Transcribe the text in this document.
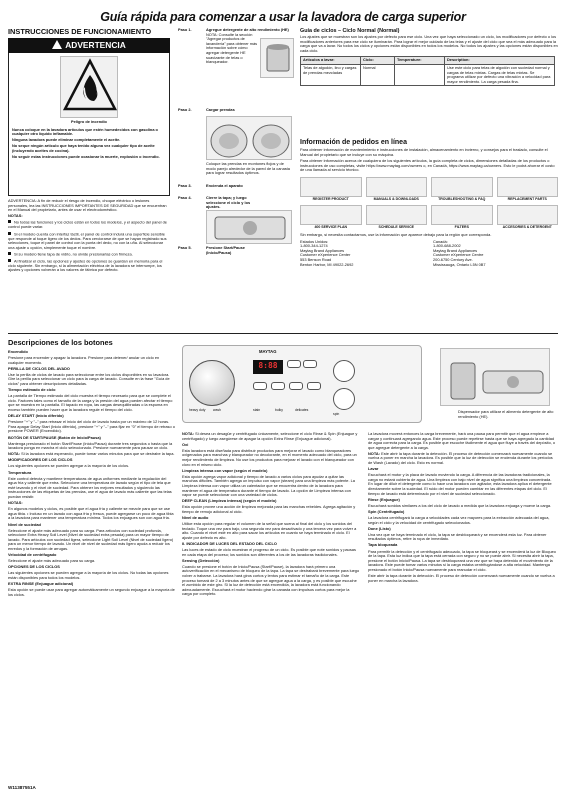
Guía rápida para comenzar a usar la lavadora de carga superior
INSTRUCCIONES DE FUNCIONAMIENTO
ADVERTENCIA
Peligro de incendio

Nunca coloque en la lavadora artículos que estén humedecidos con gasolina o cualquier otro líquido inflamable.

Ninguna lavadora puede eliminar completamente el aceite.

No seque ningún artículo que haya tenido alguna vez cualquier tipo de aceite (incluyendo aceites de cocina).

No seguir estas instrucciones puede ocasionar la muerte, explosión o incendio.

ADVERTENCIA: A fin de reducir el riesgo de incendio, choque eléctrico o lesiones personales, lea las INSTRUCCIONES IMPORTANTES DE SEGURIDAD que se encuentran en el Manual del propietario, antes de usar el electrodoméstico.

NOTAS:

No todas las funciones y los ciclos están en todos los modelos, y el aspecto del panel de control puede variar.

Si el modelo cuenta con interfaz táctil, el panel de control indurá una superficie sensible que responde al toque ligero de los dedos. Para cerciorarse de que se hayan registrado sus selecciones, toque el panel de control con la punta del dedo, no con la uña. Al seleccionar una ajuste u opción, simplemente toque el nombre.

Si su modelo tiene tapa de vidrio, no olvide presionarlas con firmeza.

Al finalizar el ciclo, las opciones y ajustes de opciones se guardan en memoria para el ciclo siguiente. Sin embargo, si la alimentación eléctrica de la lavadora se interrumpe, los ajustes y opciones volverán a los valores de fábrica por defecto.

Paso 1.	Agregue detergente de alto rendimiento (HE)
NOTA: Consulte la sección "Agregar productos de lavandería" para obtener más información sobre cómo agregar detergente HE suavizante de telas o blanqueador.
Paso 2.	Cargar prendas
Coloque las prendas en montones flojos y de modo parejo alrededor de la pared de la canasta para lograr resultados óptimos.
Paso 3.	Encienda el aparato
Paso 4.	Cierre la tapa; y luego seleccione el ciclo y los ajustes.
Paso 5.	Presione Start/Pause (Inicio/Pausa)
Guía de ciclos – Ciclo Normal (Normal)

Los ajustes que se muestran son los ajustes por defecto para ese ciclo. Una vez que haya seleccionado un ciclo, los modificadores por defecto o los modificadores anteriores para ese ciclo se iluminarán. Para lograr el mejor cuidado de las telas y el ajuste del ciclo que sea el más adecuado para la carga que va a lavar. No todos los ciclos y opciones están disponibles en todos los modelos. No todos los ajustes y las opciones están disponibles en cada ciclo.

Artículos a lavar:	Ciclo:	Temperature:	Description:
Telas de algodón, lino y cargas de prendas mezcladas	Normal		Use este ciclo para telas de algodón con suciedad normal y cargas de telas mixtas. Cargas de telas mixtas. Se programa utilizar por defecto una vibración a velocidad para mayor rendimiento. La carga pesada fina.
Información de pedidos en línea

Para obtener información de mantenimiento e instrucciones de instalación, almacenamiento en invierno, y consejos para el traslado, consulte el Manual del propietario que se incluye con su máquina.

Para obtener información acerca de cualquiera de los siguientes artículos, la guía completa de ciclos, dimensiones detalladas de los productos o instrucciones de uso completas, visite https://www.maytag.com/owners o, en Canadá, https://www.maytag.ca/owners. Esto le podrá ahorrar el costo de una llamada al servicio técnico.

REGISTER PRODUCT	MANUALS & DOWNLOADS	TROUBLESHOOTING & FAQ	REPLACEMENT PARTS
400 SERVICE PLAN	SCHEDULE SERVICE	FILTERS	ACCESORIES & DETERGENT

Sin embargo, si necesita contactarnos, use la información que aparece debajo para la región que corresponda.

Estados Unidos:
1-800-344-1274
Maytag Brand Appliances
Customer eXperience Center
553 Benson Road
Benton Harbor, MI 49022-2692
Canadá:
1-800-688-2002
Maytag Brand Appliances
Customer eXperience Centre
200-6750 Century Ave.
Mississauga, Ontario L5N 0B7
Descripciones de los botones
MAYTAG
8:88
heavy duty wash	stain	bulky	delicates
spin	Dispensador para utilizar el alimento detergente de alto rendimiento (HE).

Encendido

Presione para encender y apagar la lavadora. Presione para detener/ anular un ciclo en cualquier momento.

PERILLA DE CICLOS DEL AVADO

Use la perilla de ciclos de lavado para seleccionar entre los ciclos disponibles en su lavadora. Gire la perilla para seleccionar un ciclo para la carga de lavado. Consulte en la frase "Guía de ciclos" para obtener descripciones detalladas.

Tiempo estimado de ciclo

La pantalla de Tiempo estimado del ciclo muestra el tiempo necesario para que se complete el ciclo. Factores tales como el tamaño de la carga y la presión del agua pueden afectar el tiempo que se muestra en la pantalla. El tapado en ropa, las cargas desequilibradas o la espuma en exceso también pueden hacer que la lavadora regule el tiempo del ciclo.

DELAY START (Inicio diferido)

Presione "+" y "–" para retrasar el inicio del ciclo de lavado hasta por un máximo de 12 horas. Para apagar Delay Start (Inicio diferido), presione "+" y "–" para fijar en "0" el tiempo de retraso o presione POWER (Encendido).

BOTÓN DE START/PAUSE (Botón de Inicio/Pausa)

Mantenga presionado el botón Start/Pause (Inicio/Pausa) durante tres segundos o hasta que la lavadora ponga en marcha el ciclo seleccionado. Presione nuevamente para pausar un ciclo.

NOTA: Si la lavadora está esperando, puede tomar varios minutos para que se destrabe la tapa.

MODIFICADORES DE LOS CICLOS

Los siguientes opciones se pueden agregar a la mayoría de los ciclos.

Temperatura

Este control detecta y mantiene temperaturas de agua uniformes mediante la regulación del agua fría y caliente que entra. Seleccione una temperatura de lavado según el tipo de tela que esté lavando y el nivel de suciedad. Para obtener los mejores resultados y siguiendo las instrucciones de las etiquetas de las prendas, use el agua de lavado más caliente que las telas puedan resistir.

NOTAS:

En algunos modelos y ciclos, es posible que el agua fría y caliente se mezcle para que se use agua tibia. • Incluso en un lavado con agua fría y fresca, puede agregarse un poco de agua tibia a la lavadora para mantener una temperatura mínima. Todos los enjuagues son con agua fría.

Nivel de suciedad

Seleccione el ajuste más adecuado para su carga. Para artículos con suciedad profunda, seleccione Extra Heavy Soil Level (Nivel de suciedad extra pesada) para un mayor tiempo de lavado. Para artículos con suciedad ligera, seleccione Light Soil Level (Nivel de suciedad ligero) para un menor tiempo de lavado. Un nivel de nivel de suciedad más ligero ayuda a reducir los enredos y la formación de arrugas.

Velocidad de centrifugado

Seleccione el ajuste más adecuado para su carga.

OPCIONES DE LOS CICLOS

Las siguientes opciones se pueden agregar a la mayoría de los ciclos. No todas las opciones están disponibles para todos los modelos.

EXTRA RINSE (Enjuague adicional)

Esta opción se puede usar para agregar automáticamente un segundo enjuague a la mayoría de los ciclos.

NOTA: Si desea un desagüe y centrifugado únicamente, seleccione el ciclo Rinse & Spin (Enjuague y centrifugado) y luego asegúrese de apagar la opción Extra Rinse (Enjuague adicional).

Oxi

Esta lavadora está diseñada para distribuir productos para mejorar el lavado como blanqueadores oxigenados para manchas y blanqueador no decolorante, en el momento adecuado del ciclo, para un mejor rendimiento de limpieza. No use los productos para mejorar el lavado con el blanqueador con cloro en el mismo ciclo.

Limpieza intensa con vapor (según el modelo)

Esta opción agrega vapor adicional y tiempo de lavado a varios ciclos para ayudar a quitar las manchas difíciles. También agrega un impulso con vapor (steam) para una limpieza más potente. La Limpieza intensa con vapor utiliza un calentador que se encuentra dentro de la lavadora para mantener el agua de temperatura durante el tiempo de lavado. La opción de Limpieza intensa con vapor se puede seleccionar con una variedad de ciclos.

DEEP CLEAN (Limpieza intensa) (según el modelo)

Esta opción provee una acción de limpieza mejorada para las manchas rebeldes. Agrega agitación y tiempo de remojo adicional al ciclo.

Nivel de audio

Utilice esta opción para regular el volumen de la señal que suena al final del ciclo y los sonidos del teclado. Toque una vez para bajo, una segunda vez para desactivado y una tercera vez para volver a alto. Cuando el nivel esté en alto para sacar los artículos en cuanto se haya terminado el ciclo. El ajuste por defecto es alto.

II. INDICADOR DE LUCES DEL ESTADO DEL CICLO

Las luces de estado de ciclo muestran el progreso de un ciclo. Es posible que note sonidos y pausas en cada etapa del proceso; los sonidos son diferentes a los de las lavadoras tradicionales.

Sensing (Detección)

Cuando se presione el botón de Inicio/Pausa (Start/Pause), la lavadora hará primero una autoverificación en el mecanismo de bloqueo de la tapa. La tapa se destrabará brevemente para luego volver a trabarse. La lavadora hará giros cortos y lentos para estimar el tamaño de la carga. Este proceso tomará de 2 a 3 minutos antes de que se agregue agua a la carga, y es posible que escuche el zumbido de este giro. Si la luz de detección está encendida, la lavadora está funcionando adecuadamente. Escuchará el motor haciendo girar la canasta con impulsos cortos para mejor la carga por completo.

La lavadora moverá entonces la carga brevemente, hará una pausa para permitir que el agua empiece a cargar y continuará agregando agua. Este proceso puede repetirse hasta que se haya agregado la cantidad de agua correcta para la carga. Es posible que escuche fácilmente el agua que fluye a través del depósito, o que agregue detergente a la carga.

NOTA: Este abrir la tapa durante la detección. El proceso de detección comenzará nuevamente cuando se vuelva a poner en marcha la lavadora. Es posible que la luz de detección se encienda durante los períodos de Wash (Lavado) del ciclo. Esto es normal.

Lavar

Escuchará el motor y la placa de lavado moviendo la carga. A diferencia de las lavadoras tradicionales, la carga no estará cubierta de agua. Una limpieza con bajo nivel de agua significa una limpieza concentrada. En lugar de diluir el detergente como lo hace una lavadora con agitador, esta lavadora aplica el detergente directamente sobre la suciedad. El ruido del motor pueden cambiar en las diferentes etapas del ciclo. El tiempo de lavado está determinado por el nivel de suciedad seleccionado.

Rinse (Enjuague)

Escuchará sonidos similares a los del ciclo de lavado a medida que la lavadora enjuaga y mueve la carga.

Spin (Centrifugado)

La lavadora centrifugará la carga a velocidades cada vez mayores para la extracción adecuada del agua, según el ciclo y la velocidad de centrifugado seleccionados.

Done (Listo)

Una vez que se haya terminado el ciclo, la tapa se desbloqueará y se encenderá esta luz. Para obtener resultados óptimos, retire la ropa de inmediato.

Tapa bloqueada

Para permitir la detección y el centrifugado adecuado, la tapa se bloqueará y se encenderá la luz de Bloqueo de la tapa. Esta luz indica que la tapa está cerrada con seguro y no se puede abrir. Si necesita abrir la tapa, presione el botón Inicio/Pausa. La tapa se desbloqueará una vez que se haya detenido el movimiento de la lavadora. Este puede tomar varios minutos si la carga estaba centrifugándose a alta velocidad. Mantenga presionado el botón Inicio/Pausa nuevamente para reanudar el ciclo.

Este abrir la tapa durante la detección. El proceso de detección comenzará nuevamente cuando se vuelva a poner en marcha la lavadora.

W11387551A
